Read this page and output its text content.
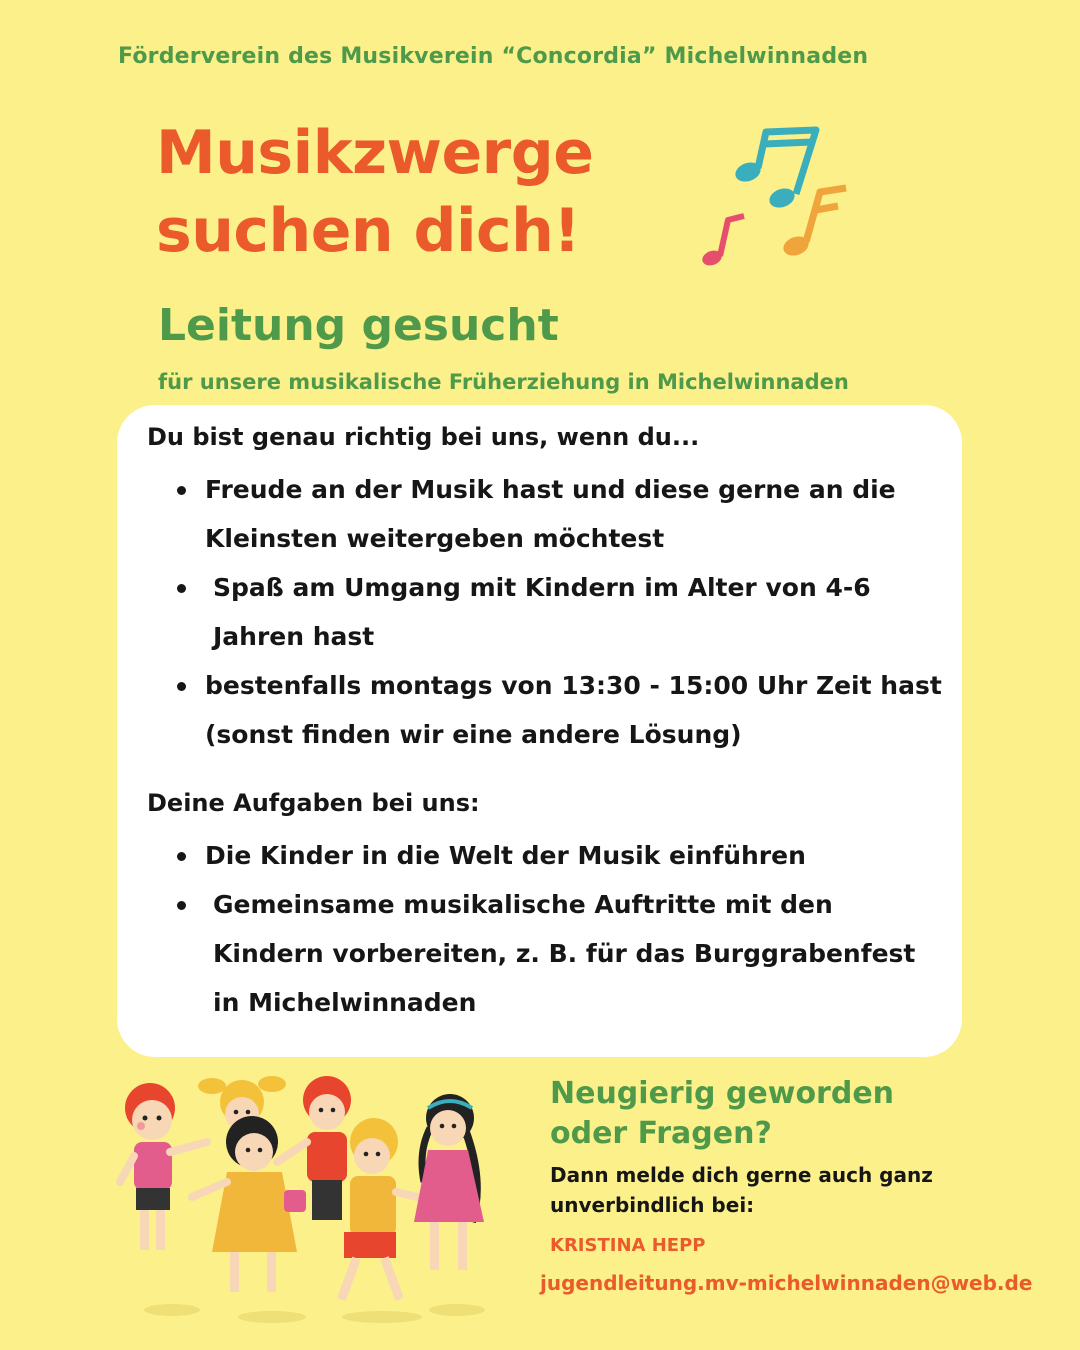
Förderverein des Musikverein “Concordia” Michelwinnaden
Musikzwerge
suchen dich!
Leitung gesucht
für unsere musikalische Früherziehung in Michelwinnaden
Du bist genau richtig bei uns, wenn du...
Freude an der Musik hast und diese gerne an die Kleinsten weitergeben möchtest
Spaß am Umgang mit Kindern im Alter von 4-6 Jahren hast
bestenfalls montags von 13:30 - 15:00 Uhr Zeit hast (sonst finden wir eine andere Lösung)
Deine Aufgaben bei uns:
Die Kinder in die Welt der Musik einführen
Gemeinsame musikalische Auftritte mit den Kindern vorbereiten, z. B. für das Burggrabenfest in Michelwinnaden
Neugierig geworden
oder Fragen?
Dann melde dich gerne auch ganz unverbindlich bei:
KRISTINA HEPP
jugendleitung.mv-michelwinnaden@web.de
